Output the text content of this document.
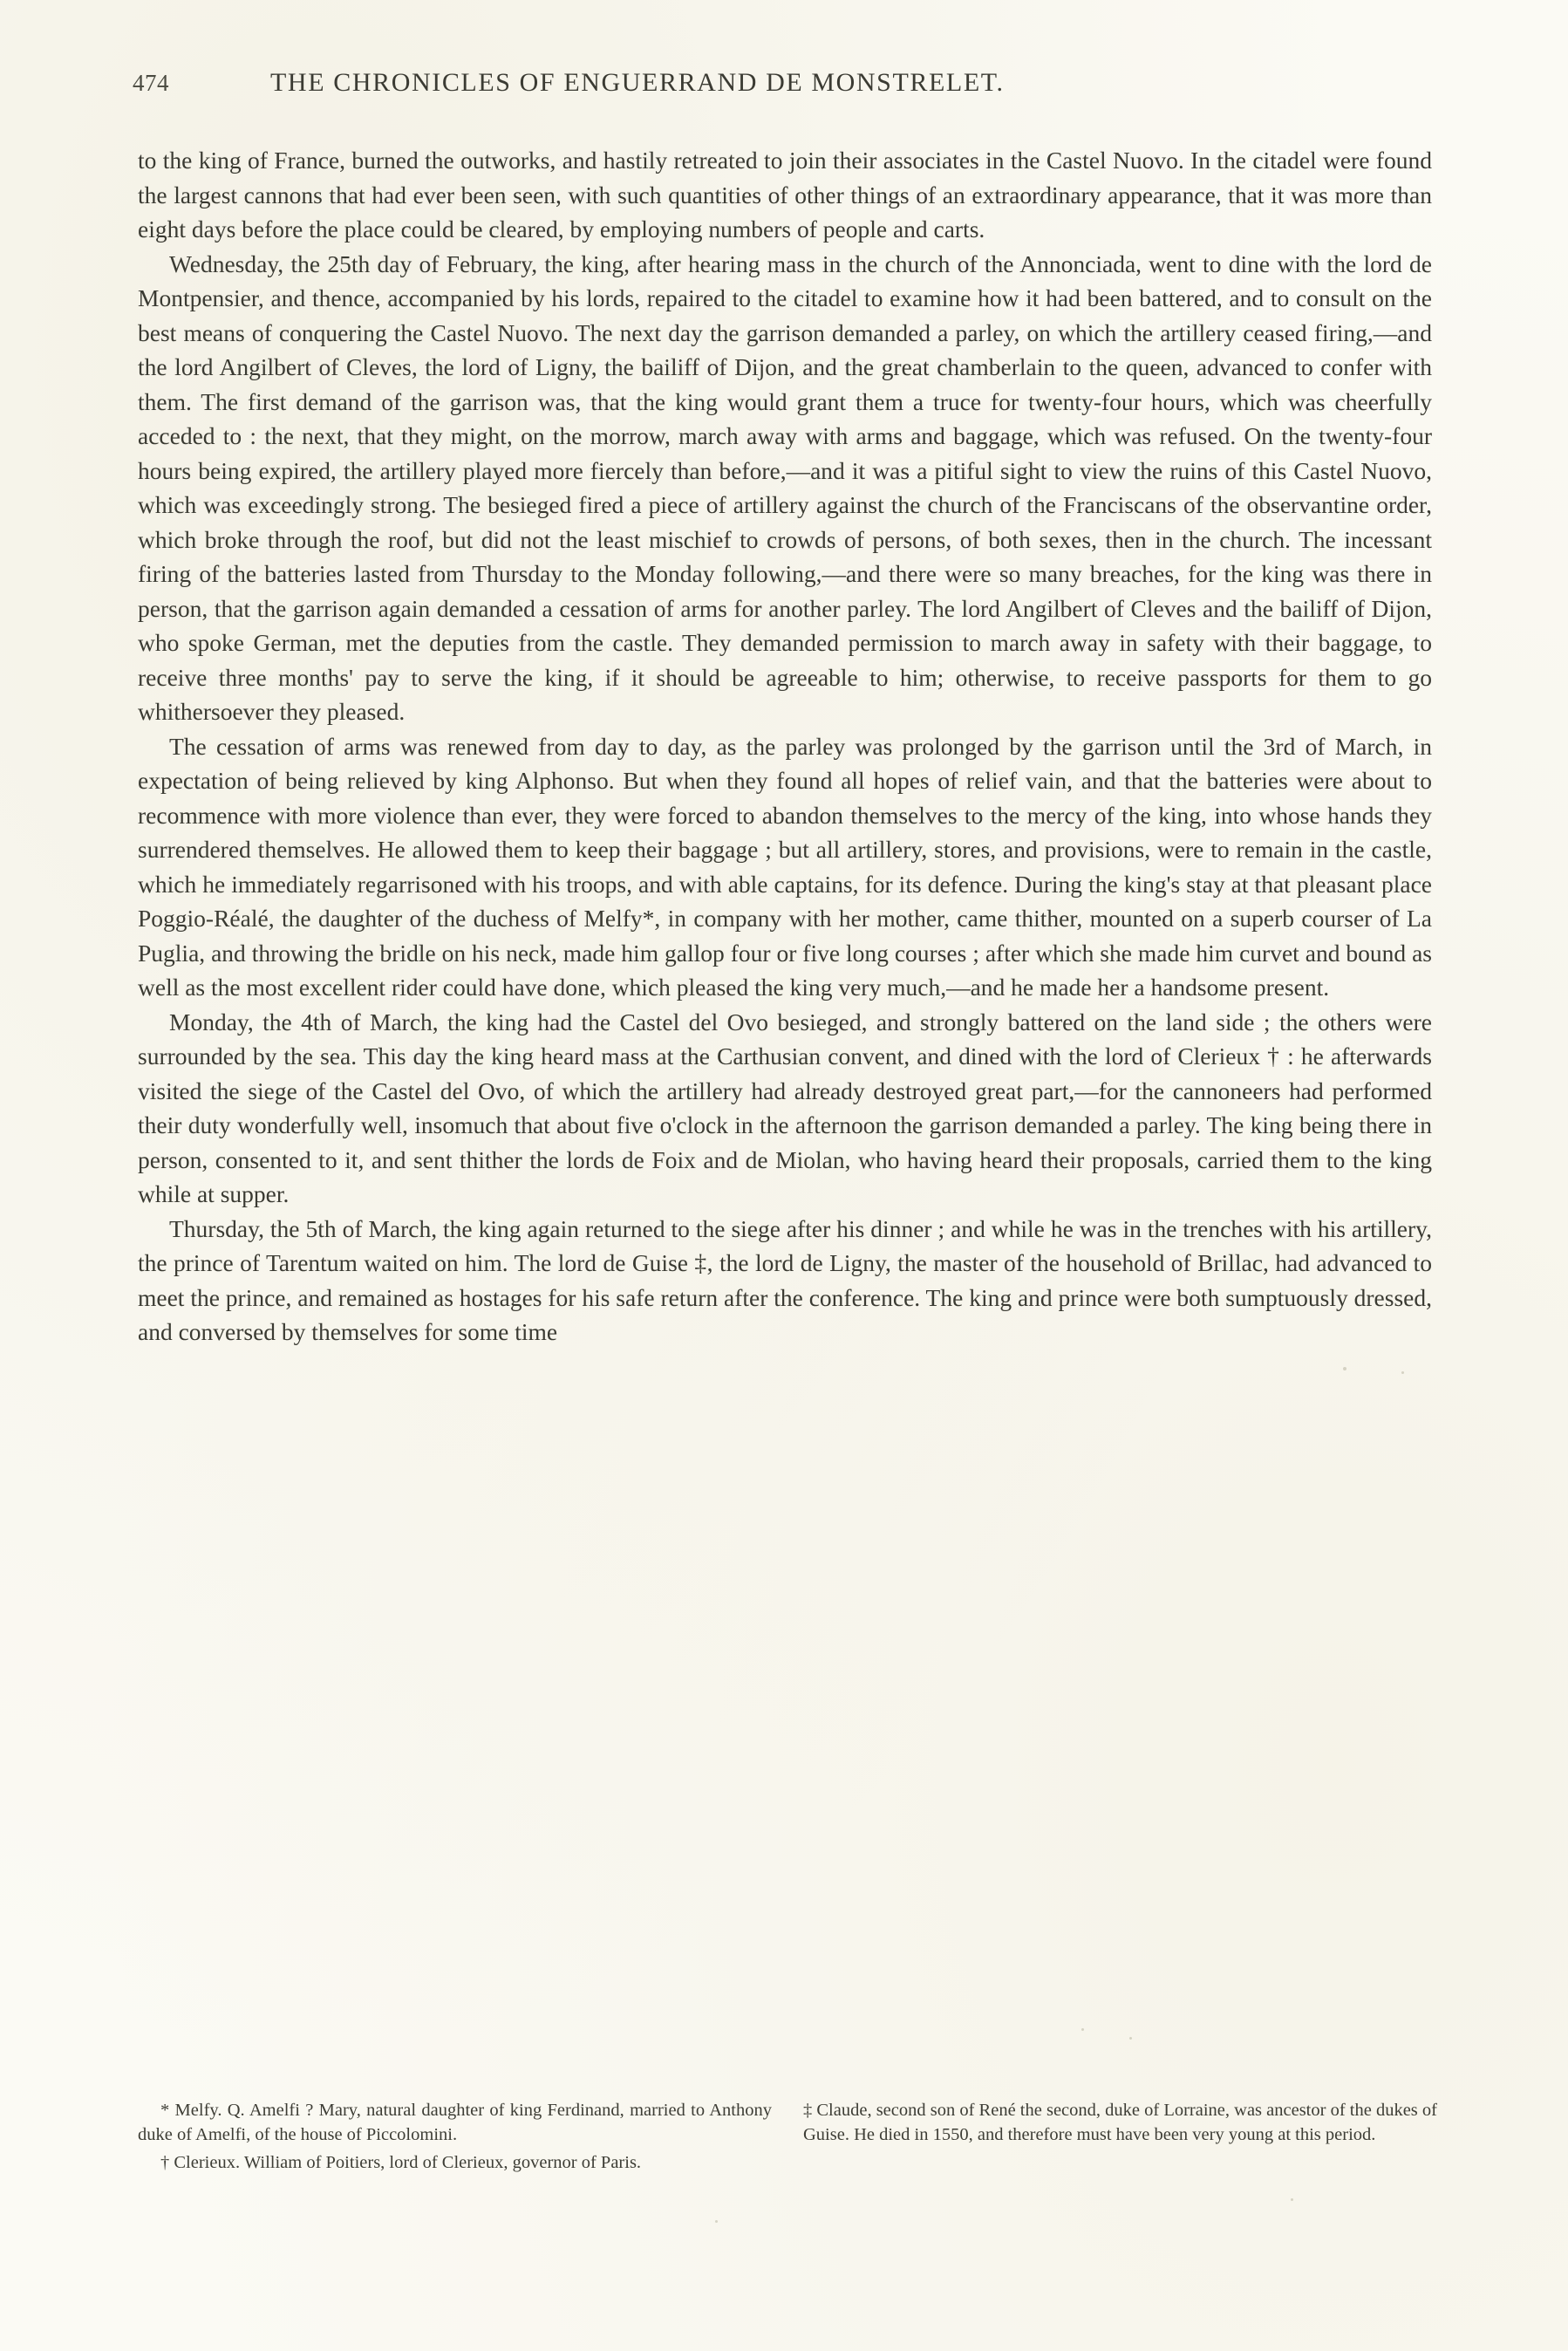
474	THE CHRONICLES OF ENGUERRAND DE MONSTRELET.

to the king of France, burned the outworks, and hastily retreated to join their associates in the Castel Nuovo. In the citadel were found the largest cannons that had ever been seen, with such quantities of other things of an extraordinary appearance, that it was more than eight days before the place could be cleared, by employing numbers of people and carts.

Wednesday, the 25th day of February, the king, after hearing mass in the church of the Annonciada, went to dine with the lord de Montpensier, and thence, accompanied by his lords, repaired to the citadel to examine how it had been battered, and to consult on the best means of conquering the Castel Nuovo. The next day the garrison demanded a parley, on which the artillery ceased firing,—and the lord Angilbert of Cleves, the lord of Ligny, the bailiff of Dijon, and the great chamberlain to the queen, advanced to confer with them. The first demand of the garrison was, that the king would grant them a truce for twenty-four hours, which was cheerfully acceded to : the next, that they might, on the morrow, march away with arms and baggage, which was refused. On the twenty-four hours being expired, the artillery played more fiercely than before,—and it was a pitiful sight to view the ruins of this Castel Nuovo, which was exceedingly strong. The besieged fired a piece of artillery against the church of the Franciscans of the observantine order, which broke through the roof, but did not the least mischief to crowds of persons, of both sexes, then in the church. The incessant firing of the batteries lasted from Thursday to the Monday following,—and there were so many breaches, for the king was there in person, that the garrison again demanded a cessation of arms for another parley. The lord Angilbert of Cleves and the bailiff of Dijon, who spoke German, met the deputies from the castle. They demanded permission to march away in safety with their baggage, to receive three months' pay to serve the king, if it should be agreeable to him; otherwise, to receive passports for them to go whithersoever they pleased.

The cessation of arms was renewed from day to day, as the parley was prolonged by the garrison until the 3rd of March, in expectation of being relieved by king Alphonso. But when they found all hopes of relief vain, and that the batteries were about to recommence with more violence than ever, they were forced to abandon themselves to the mercy of the king, into whose hands they surrendered themselves. He allowed them to keep their baggage ; but all artillery, stores, and provisions, were to remain in the castle, which he immediately regarrisoned with his troops, and with able captains, for its defence. During the king's stay at that pleasant place Poggio-Réalé, the daughter of the duchess of Melfy*, in company with her mother, came thither, mounted on a superb courser of La Puglia, and throwing the bridle on his neck, made him gallop four or five long courses ; after which she made him curvet and bound as well as the most excellent rider could have done, which pleased the king very much,—and he made her a handsome present.

Monday, the 4th of March, the king had the Castel del Ovo besieged, and strongly battered on the land side ; the others were surrounded by the sea. This day the king heard mass at the Carthusian convent, and dined with the lord of Clerieux † : he afterwards visited the siege of the Castel del Ovo, of which the artillery had already destroyed great part,—for the cannoneers had performed their duty wonderfully well, insomuch that about five o'clock in the afternoon the garrison demanded a parley. The king being there in person, consented to it, and sent thither the lords de Foix and de Miolan, who having heard their proposals, carried them to the king while at supper.

Thursday, the 5th of March, the king again returned to the siege after his dinner ; and while he was in the trenches with his artillery, the prince of Tarentum waited on him. The lord de Guise ‡, the lord de Ligny, the master of the household of Brillac, had advanced to meet the prince, and remained as hostages for his safe return after the conference. The king and prince were both sumptuously dressed, and conversed by themselves for some time

* Melfy. Q. Amelfi ? Mary, natural daughter of king Ferdinand, married to Anthony duke of Amelfi, of the house of Piccolomini.

† Clerieux. William of Poitiers, lord of Clerieux, governor of Paris.

‡ Claude, second son of René the second, duke of Lorraine, was ancestor of the dukes of Guise. He died in 1550, and therefore must have been very young at this period.
